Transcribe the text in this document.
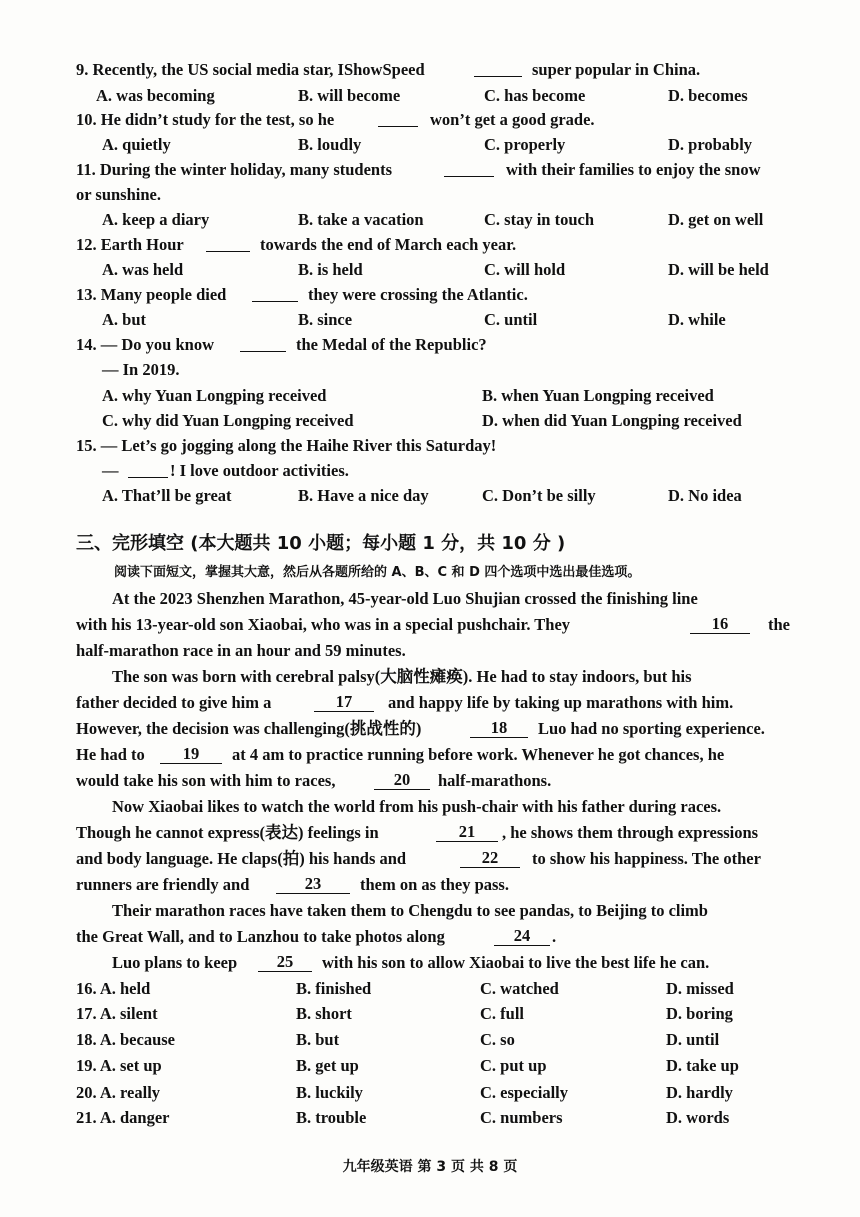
9. Recently, the US social media star, IShowSpeed	super popular in China.
A. was becoming	B. will become	C. has become	D. becomes
10. He didn’t study for the test, so he	won’t get a good grade.
A. quietly	B. loudly	C. properly	D. probably
11. During the winter holiday, many students	with their families to enjoy the snow
or sunshine.
A. keep a diary	B. take a vacation	C. stay in touch	D. get on well
12. Earth Hour	towards the end of March each year.
A. was held	B. is held	C. will hold	D. will be held
13. Many people died	they were crossing the Atlantic.
A. but	B. since	C. until	D. while
14. — Do you know	the Medal of the Republic?
— In 2019.
A. why Yuan Longping received	B. when Yuan Longping received
C. why did Yuan Longping received	D. when did Yuan Longping received
15. — Let’s go jogging along the Haihe River this Saturday!
—	! I love outdoor activities.
A. That’ll be great	B. Have a nice day	C. Don’t be silly	D. No idea
三、完形填空 (本大题共 10 小题；每小题 1 分，共 10 分 )
阅读下面短文，掌握其大意，然后从各题所给的 A、B、C 和 D 四个选项中选出最佳选项。
At the 2023 Shenzhen Marathon, 45-year-old Luo Shujian crossed the finishing line
with his 13-year-old son Xiaobai, who was in a special pushchair. They	16	the
half-marathon race in an hour and 59 minutes.
The son was born with cerebral palsy(大脑性瘫痪). He had to stay indoors, but his
father decided to give him a	17	and happy life by taking up marathons with him.
However, the decision was challenging(挑战性的)	18	Luo had no sporting experience.
He had to	19	at 4 am to practice running before work. Whenever he got chances, he
would take his son with him to races,	20	half-marathons.
Now Xiaobai likes to watch the world from his push-chair with his father during races.
Though he cannot express(表达) feelings in	21	, he shows them through expressions
and body language. He claps(拍) his hands and	22	to show his happiness. The other
runners are friendly and	23	them on as they pass.
Their marathon races have taken them to Chengdu to see pandas, to Beijing to climb
the Great Wall, and to Lanzhou to take photos along	24	.
Luo plans to keep	25	with his son to allow Xiaobai to live the best life he can.
16. A. held	B. finished	C. watched	D. missed
17. A. silent	B. short	C. full	D. boring
18. A. because	B. but	C. so	D. until
19. A. set up	B. get up	C. put up	D. take up
20. A. really	B. luckily	C. especially	D. hardly
21. A. danger	B. trouble	C. numbers	D. words
九年级英语 第 3 页 共 8 页
